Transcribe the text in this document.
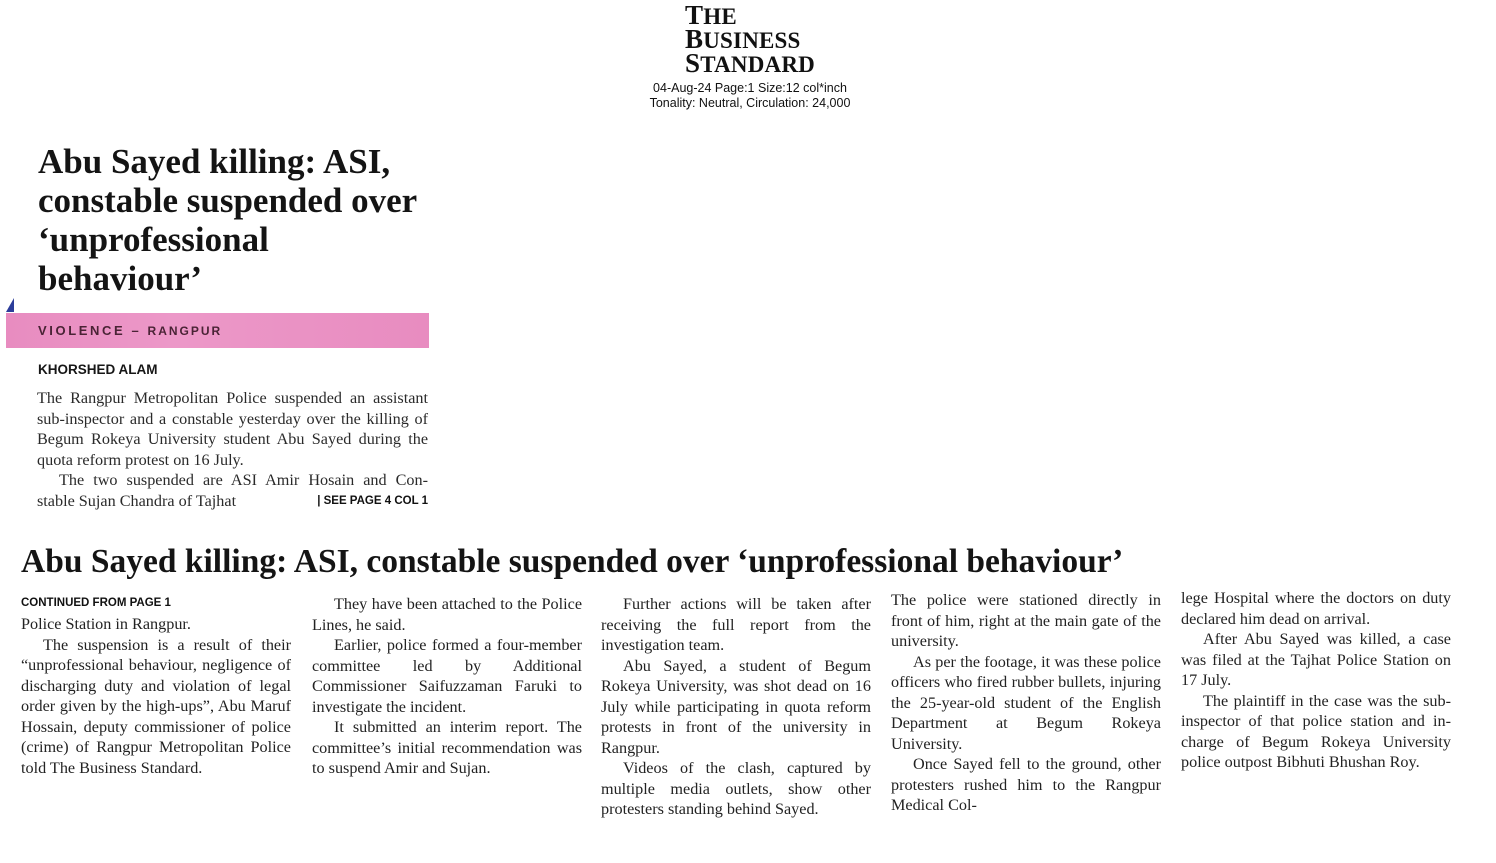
THE
BUSINESS
STANDARD
04-Aug-24 Page:1 Size:12 col*inch
Tonality: Neutral, Circulation: 24,000
Abu Sayed killing: ASI, constable suspended over ‘unprofessional behaviour’
VIOLENCE – RANGPUR
KHORSHED ALAM

The Rangpur Metropolitan Police suspended an assistant sub-inspector and a constable yesterday over the killing of Begum Rokeya University student Abu Sayed during the quota reform protest on 16 July.

The two suspended are ASI Amir Hosain and Con-

stable Sujan Chandra of Tajhat	| SEE PAGE 4 COL 1
Abu Sayed killing: ASI, constable suspended over ‘unprofessional behaviour’
CONTINUED FROM PAGE 1

Police Station in Rangpur.

The suspension is a result of their “unprofessional behaviour, negligence of discharging duty and violation of legal order given by the high-ups”, Abu Maruf Hossain, deputy commissioner of police (crime) of Rangpur Metropolitan Police told The Business Standard.

They have been attached to the Police Lines, he said.

Earlier, police formed a four-member committee led by Additional Commissioner Saifuzzaman Faruki to investigate the incident.

It submitted an interim report. The committee’s initial recommendation was to suspend Amir and Sujan.

Further actions will be taken after receiving the full report from the investigation team.

Abu Sayed, a student of Begum Rokeya University, was shot dead on 16 July while participating in quota reform protests in front of the university in Rangpur.

Videos of the clash, captured by multiple media outlets, show other protesters standing behind Sayed.

The police were stationed directly in front of him, right at the main gate of the university.

As per the footage, it was these police officers who fired rubber bullets, injuring the 25-year-old student of the English Department at Begum Rokeya University.

Once Sayed fell to the ground, other protesters rushed him to the Rangpur Medical Col-

lege Hospital where the doctors on duty declared him dead on arrival.

After Abu Sayed was killed, a case was filed at the Tajhat Police Station on 17 July.

The plaintiff in the case was the sub-inspector of that police station and in-charge of Begum Rokeya University police outpost Bibhuti Bhushan Roy.
